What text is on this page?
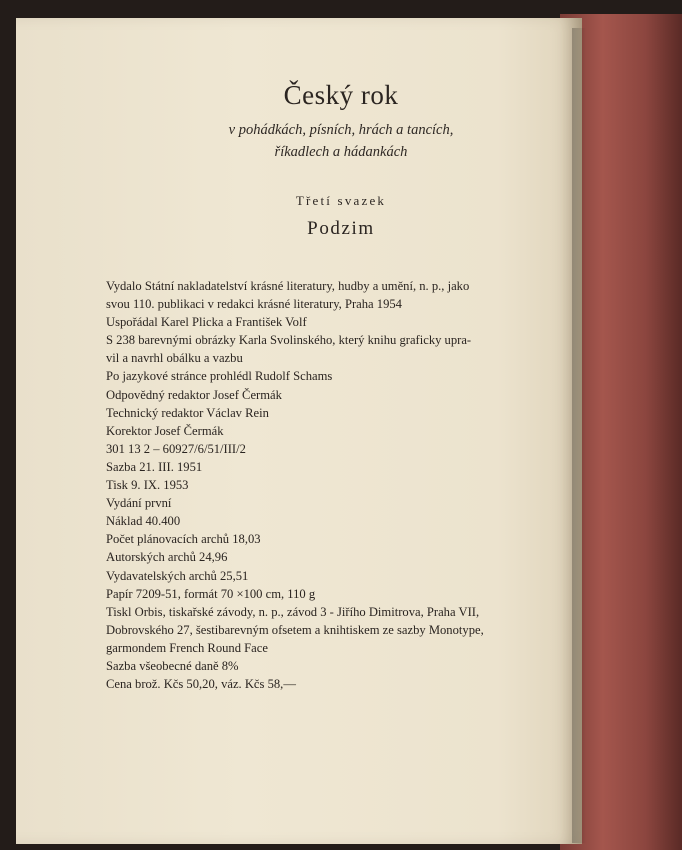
Český rok
v pohádkách, písních, hrách a tancích,
říkadlech a hádankách
Třetí svazek
Podzim
Vydalo Státní nakladatelství krásné literatury, hudby a umění, n. p., jako
svou 110. publikaci v redakci krásné literatury, Praha 1954
Uspořádal Karel Plicka a František Volf
S 238 barevnými obrázky Karla Svolinského, který knihu graficky upra-
vil a navrhl obálku a vazbu
Po jazykové stránce prohlédl Rudolf Schams
Odpovědný redaktor Josef Čermák
Technický redaktor Václav Rein
Korektor Josef Čermák
301 13 2 – 60927/6/51/III/2
Sazba 21. III. 1951
Tisk 9. IX. 1953
Vydání první
Náklad 40.400
Počet plánovacích archů 18,03
Autorských archů 24,96
Vydavatelských archů 25,51
Papír 7209-51, formát 70 ×100 cm, 110 g
Tiskl Orbis, tiskařské závody, n. p., závod 3 - Jiřího Dimitrova, Praha VII,
Dobrovského 27, šestibarevným ofsetem a knihtiskem ze sazby Monotype,
garmondem French Round Face
Sazba všeobecné daně 8%
Cena brož. Kčs 50,20, váz. Kčs 58,—
